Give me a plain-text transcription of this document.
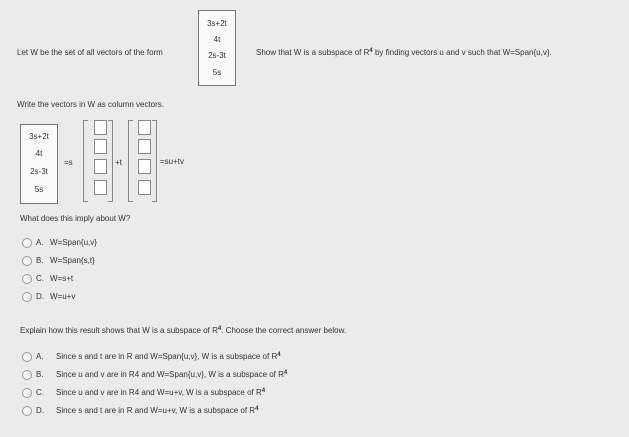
Let W be the set of all vectors of the form
3s+2t
4t
2s-3t
5s
Show that W is a subspace of $R^4$ by finding vectors u and v such that W=Span{u,v}.
Write the vectors in W as column vectors.
3s+2t
4t
2s-3t
5s
=s	+t	=su+tv
What does this imply about W?
A. W=Span{u,v}
B. W=Span{s,t}
C. W=s+t
D. W=u+v
Explain how this result shows that W is a subspace of $R^4$. Choose the correct answer below.
A. Since s and t are in R and W=Span{u,v}, W is a subspace of $R^4$
B. Since u and v are in R4 and W=Span{u,v}, W is a subspace of $R^4$
C. Since u and v are in R4 and W=u+v, W is a subspace of $R^4$
D. Since s and t are in R and W=u+v, W is a subspace of $R^4$
